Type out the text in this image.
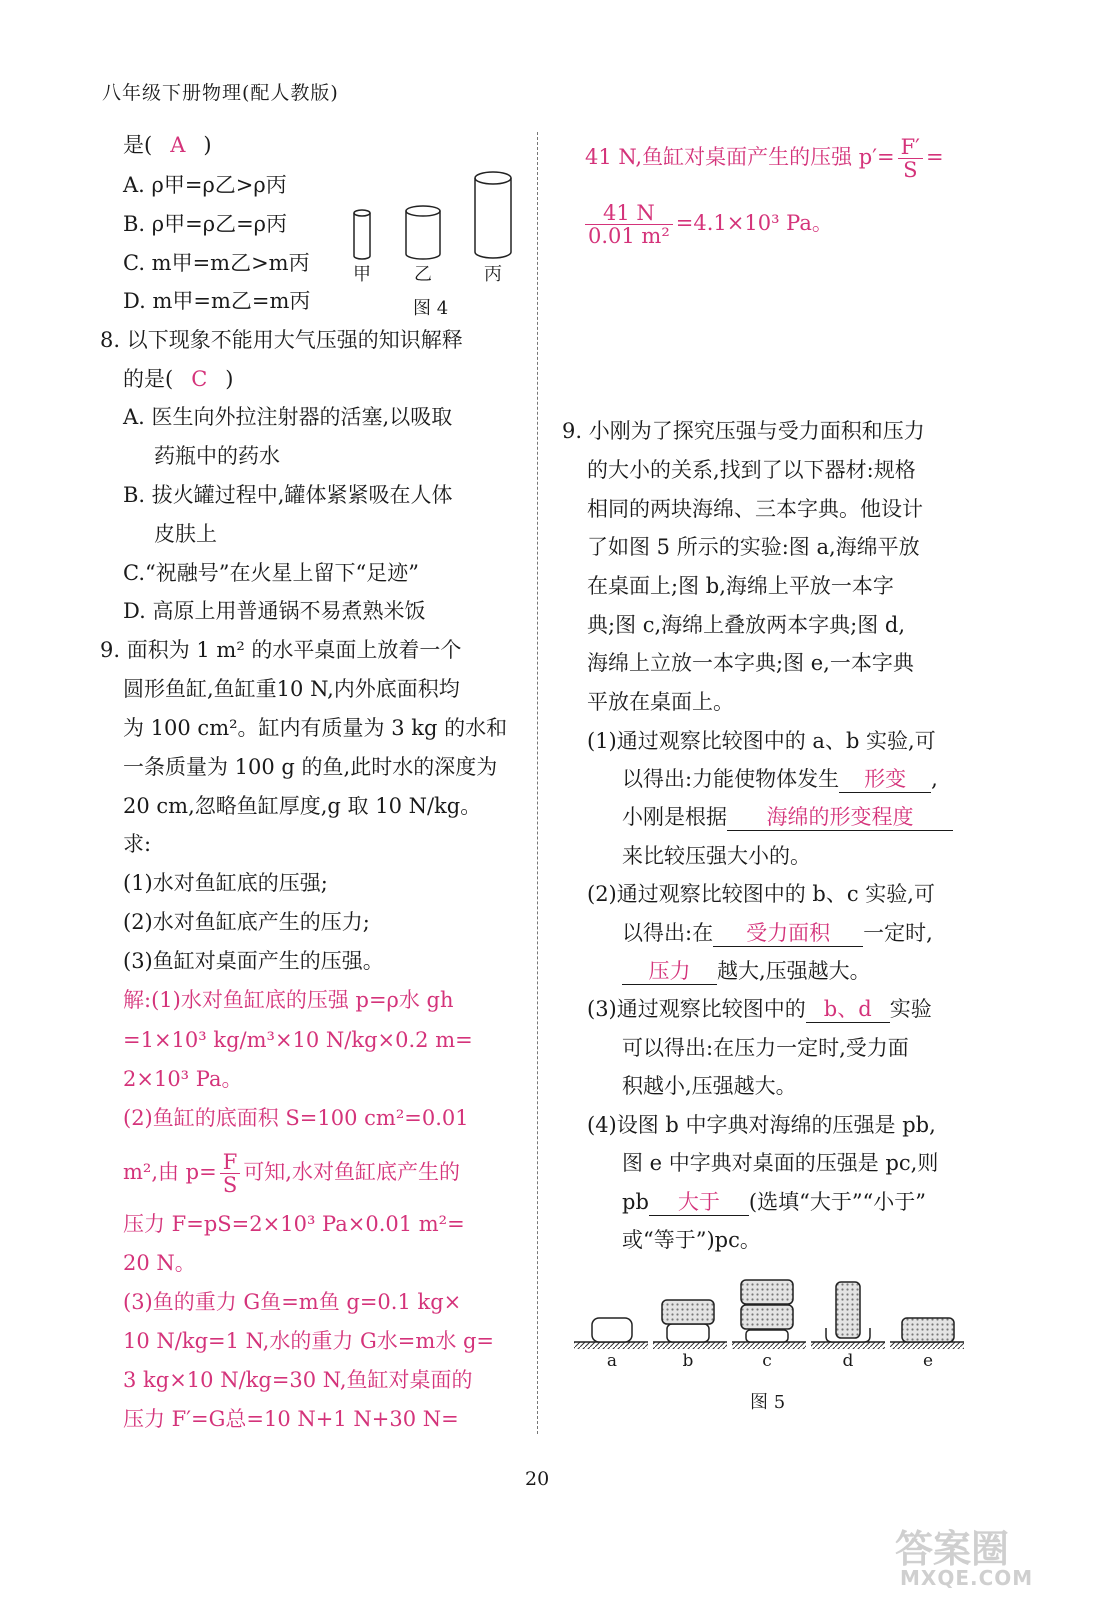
八年级下册物理(配人教版)
是( A )
A. ρ甲=ρ乙>ρ丙
B. ρ甲=ρ乙=ρ丙
C. m甲=m乙>m丙
D. m甲=m乙=m丙
甲 乙	丙
图 4
8. 以下现象不能用大气压强的知识解释
的是( C )
A. 医生向外拉注射器的活塞,以吸取
药瓶中的药水
B. 拔火罐过程中,罐体紧紧吸在人体
皮肤上
C.“祝融号”在火星上留下“足迹”
D. 高原上用普通锅不易煮熟米饭
9. 面积为 1 m² 的水平桌面上放着一个
圆形鱼缸,鱼缸重10 N,内外底面积均
为 100 cm²。缸内有质量为 3 kg 的水和
一条质量为 100 g 的鱼,此时水的深度为
20 cm,忽略鱼缸厚度,g 取 10 N/kg。
求:
(1)水对鱼缸底的压强;
(2)水对鱼缸底产生的压力;
(3)鱼缸对桌面产生的压强。
解:(1)水对鱼缸底的压强 p=ρ水 gh
=1×10³ kg/m³×10 N/kg×0.2 m=
2×10³ Pa。
(2)鱼缸的底面积 S=100 cm²=0.01
m²,由 $p= \frac{F}{S}$ 可知,水对鱼缸底产生的
压力 F=pS=2×10³ Pa×0.01 m²=
20 N。
(3)鱼的重力 G鱼=m鱼 g=0.1 kg×
10 N/kg=1 N,水的重力 G水=m水 g=
3 kg×10 N/kg=30 N,鱼缸对桌面的
压力 F′=G总=10 N+1 N+30 N=
41 N,鱼缸对桌面产生的压强 $p'= \frac{F'}{S}$ =
$\frac{41 N}{\text{0.01 m²}} =4.1\times 10^3$ Pa。
9. 小刚为了探究压强与受力面积和压力
的大小的关系,找到了以下器材:规格
相同的两块海绵、三本字典。他设计
了如图 5 所示的实验:图 a,海绵平放
在桌面上;图 b,海绵上平放一本字
典;图 c,海绵上叠放两本字典;图 d,
海绵上立放一本字典;图 e,一本字典
平放在桌面上。
(1)通过观察比较图中的 a、b 实验,可
以得出:力能使物体发生 形变 ,
小刚是根据 海绵的形变程度
来比较压强大小的。
(2)通过观察比较图中的 b、c 实验,可
以得出:在 受力面积 一定时,
压力 越大,压强越大。
(3)通过观察比较图中的 b、d 实验
可以得出:在压力一定时,受力面
积越小,压强越大。
(4)设图 b 中字典对海绵的压强是 pb,
图 e 中字典对桌面的压强是 pc,则
pb 大于 (选填“大于”“小于”
或“等于”)pc。
a	b	c	d	e
图 5
20
答案圈
MXQE.COM
